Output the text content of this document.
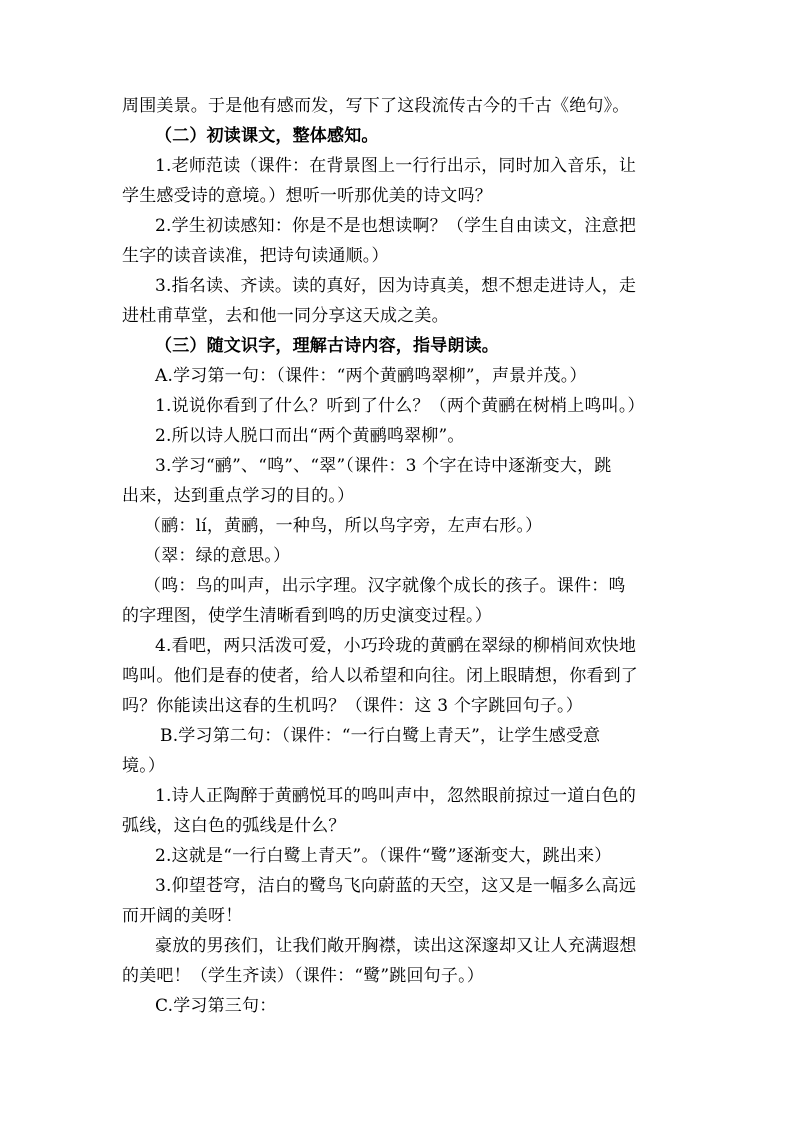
周围美景。于是他有感而发，写下了这段流传古今的千古《绝句》。
（二）初读课文，整体感知。
1.老师范读（课件：在背景图上一行行出示，同时加入音乐，让
学生感受诗的意境。）想听一听那优美的诗文吗？
2.学生初读感知：你是不是也想读啊？（学生自由读文，注意把
生字的读音读准，把诗句读通顺。）
3.指名读、齐读。读的真好，因为诗真美，想不想走进诗人，走
进杜甫草堂，去和他一同分享这天成之美。
（三）随文识字，理解古诗内容，指导朗读。
A.学习第一句：（课件：“两个黄鹂鸣翠柳”，声景并茂。）
1.说说你看到了什么？听到了什么？（两个黄鹂在树梢上鸣叫。）
2.所以诗人脱口而出“两个黄鹂鸣翠柳”。
3.学习“鹂”、“鸣”、“翠”（课件：3 个字在诗中逐渐变大，跳
出来，达到重点学习的目的。）
（鹂：lí，黄鹂，一种鸟，所以鸟字旁，左声右形。）
（翠：绿的意思。）
（鸣：鸟的叫声，出示字理。汉字就像个成长的孩子。课件：鸣
的字理图，使学生清晰看到鸣的历史演变过程。）
4.看吧，两只活泼可爱，小巧玲珑的黄鹂在翠绿的柳梢间欢快地
鸣叫。他们是春的使者，给人以希望和向往。闭上眼睛想，你看到了
吗？你能读出这春的生机吗？（课件：这 3 个字跳回句子。）
B.学习第二句：（课件：“一行白鹭上青天”，让学生感受意
境。）
1.诗人正陶醉于黄鹂悦耳的鸣叫声中，忽然眼前掠过一道白色的
弧线，这白色的弧线是什么？
2.这就是“一行白鹭上青天”。（课件“鹭”逐渐变大，跳出来）
3.仰望苍穹，洁白的鹭鸟飞向蔚蓝的天空，这又是一幅多么高远
而开阔的美呀！
豪放的男孩们，让我们敞开胸襟，读出这深邃却又让人充满遐想
的美吧！（学生齐读）（课件：“鹭”跳回句子。）
C.学习第三句：
